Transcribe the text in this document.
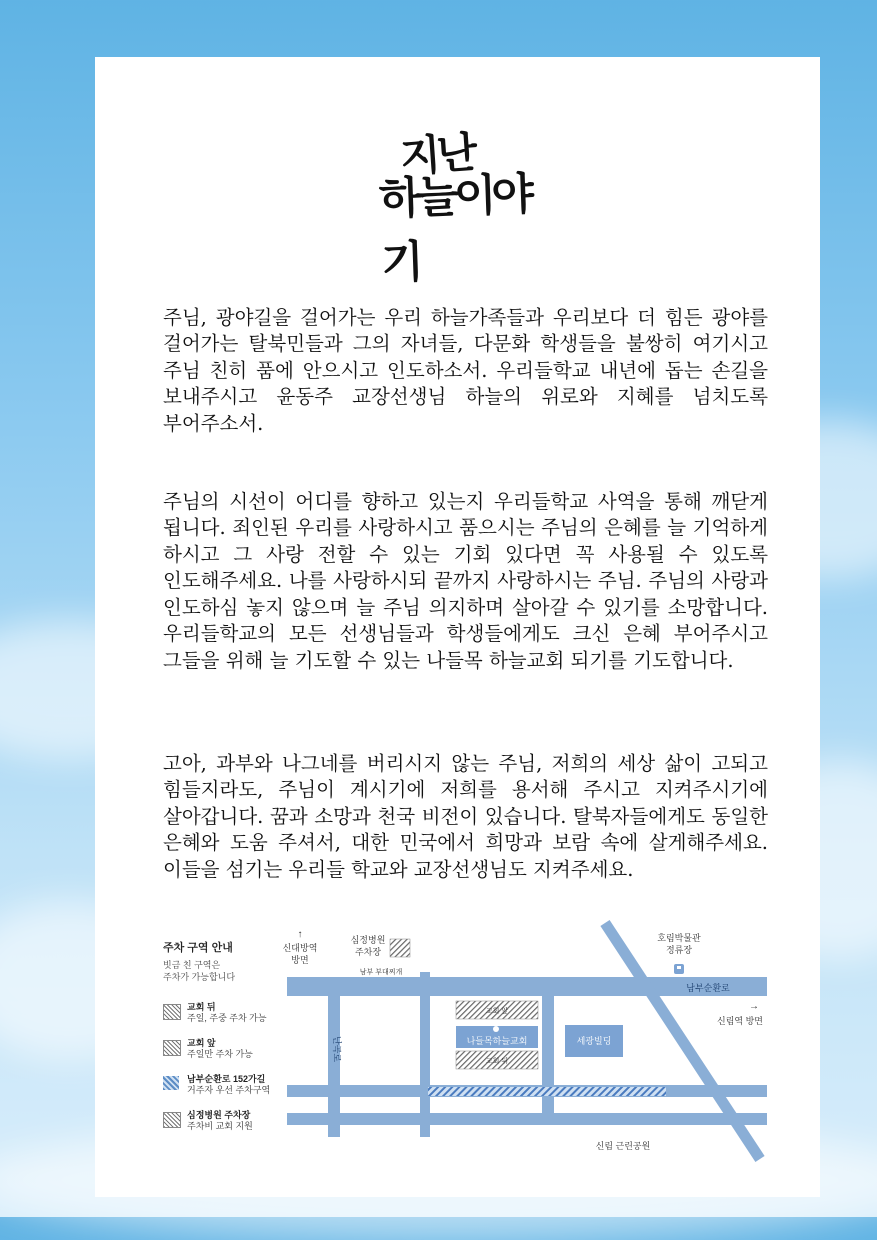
지난
하늘이야기

주님, 광야길을 걸어가는 우리 하늘가족들과 우리보다 더 힘든 광야를 걸어가는 탈북민들과 그의 자녀들, 다문화 학생들을 불쌍히 여기시고 주님 친히 품에 안으시고 인도하소서. 우리들학교 내년에 돕는 손길을 보내주시고 윤동주 교장선생님 하늘의 위로와 지혜를 넘치도록 부어주소서.

주님의 시선이 어디를 향하고 있는지 우리들학교 사역을 통해 깨닫게 됩니다. 죄인된 우리를 사랑하시고 품으시는 주님의 은혜를 늘 기억하게 하시고 그 사랑 전할 수 있는 기회 있다면 꼭 사용될 수 있도록 인도해주세요. 나를 사랑하시되 끝까지 사랑하시는 주님. 주님의 사랑과 인도하심 놓지 않으며 늘 주님 의지하며 살아갈 수 있기를 소망합니다. 우리들학교의 모든 선생님들과 학생들에게도 크신 은혜 부어주시고 그들을 위해 늘 기도할 수 있는 나들목 하늘교회 되기를 기도합니다.

고아, 과부와 나그네를 버리시지 않는 주님, 저희의 세상 삶이 고되고 힘들지라도, 주님이 계시기에 저희를 용서해 주시고 지켜주시기에 살아갑니다. 꿈과 소망과 천국 비전이 있습니다. 탈북자들에게도 동일한 은혜와 도움 주셔서, 대한 민국에서 희망과 보람 속에 살게해주세요. 이들을 섬기는 우리들 학교와 교장선생님도 지켜주세요.

주차 구역 안내
빗금 친 구역은
주차가 가능합니다
교회 뒤
주일, 주중 주차 가능
교회 앞
주일만 주차 가능
남부순환로 152가길
거주자 우선 주차구역
심정병원 주차장
주차비 교회 지원
↑
신대방역
방면
심정병원
주차장
남부 부대찌개
호림박물관
정류장
남부순환로
→
신림역 방면
난곡로
교회 앞
나들목하늘교회
교회 뒤
세광빌딩
신림 근린공원
